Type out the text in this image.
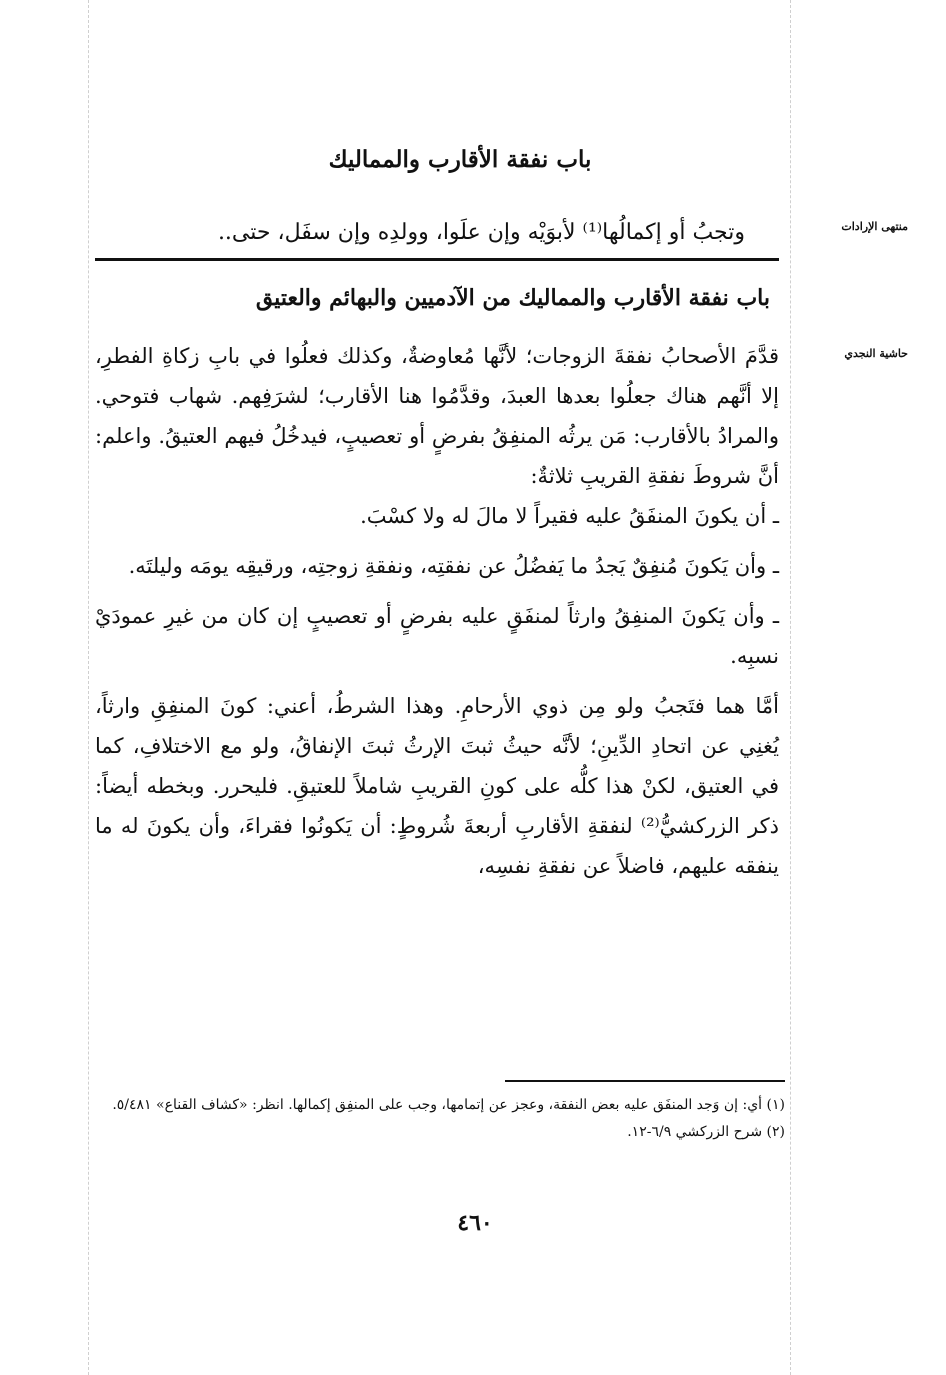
باب نفقة الأقارب والمماليك
منتهى الإرادات
وتجبُ أو إكمالُها⁽¹⁾ لأبوَيْه وإن علَوا، وولدِه وإن سفَل، حتى..
باب نفقة الأقارب والمماليك من الآدميين والبهائم والعتيق
حاشية النجدي

قدَّمَ الأصحابُ نفقةَ الزوجات؛ لأنَّها مُعاوضةٌ، وكذلك فعلُوا في بابِ زكاةِ الفطرِ، إلا أنَّهم هناك جعلُوا بعدها العبدَ، وقدَّمُوا هنا الأقارب؛ لشرَفِهم. شهاب فتوحي. والمرادُ بالأقارب: مَن يرثُه المنفِقُ بفرضٍ أو تعصيبٍ، فيدخُلُ فيهم العتيقُ. واعلم: أنَّ شروطَ نفقةِ القريبِ ثلاثةٌ:

ـ أن يكونَ المنفَقُ عليه فقيراً لا مالَ له ولا كسْبَ.

ـ وأن يَكونَ مُنفِقٌ يَجدُ ما يَفضُلُ عن نفقتِه، ونفقةِ زوجتِه، ورقيقِه يومَه وليلتَه.

ـ وأن يَكونَ المنفِقُ وارثاً لمنفَقٍ عليه بفرضٍ أو تعصيبٍ إن كان من غيرِ عمودَيْ نسبِه.

أمَّا هما فتَجبُ ولو مِن ذوي الأرحامِ. وهذا الشرطُ، أعني: كونَ المنفِقِ وارثاً، يُغنِي عن اتحادِ الدِّينِ؛ لأنَّه حيثُ ثبتَ الإرثُ ثبتَ الإنفاقُ، ولو مع الاختلافِ، كما في العتيق، لكنْ هذا كلُّه على كونِ القريبِ شاملاً للعتيقِ. فليحرر. وبخطه أيضاً: ذكر الزركشيُّ⁽²⁾ لنفقةِ الأقاربِ أربعةَ شُروطٍ: أن يَكونُوا فقراءَ، وأن يكونَ له ما ينفقه عليهم، فاضلاً عن نفقةِ نفسِه،

(١) أي: إن وَجد المنفَق عليه بعض النفقة، وعجز عن إتمامها، وجب على المنفِق إكمالها. انظر: «كشاف القناع» ٥/٤٨١.

(٢) شرح الزركشي ٦/٩-١٢.

٤٦٠
